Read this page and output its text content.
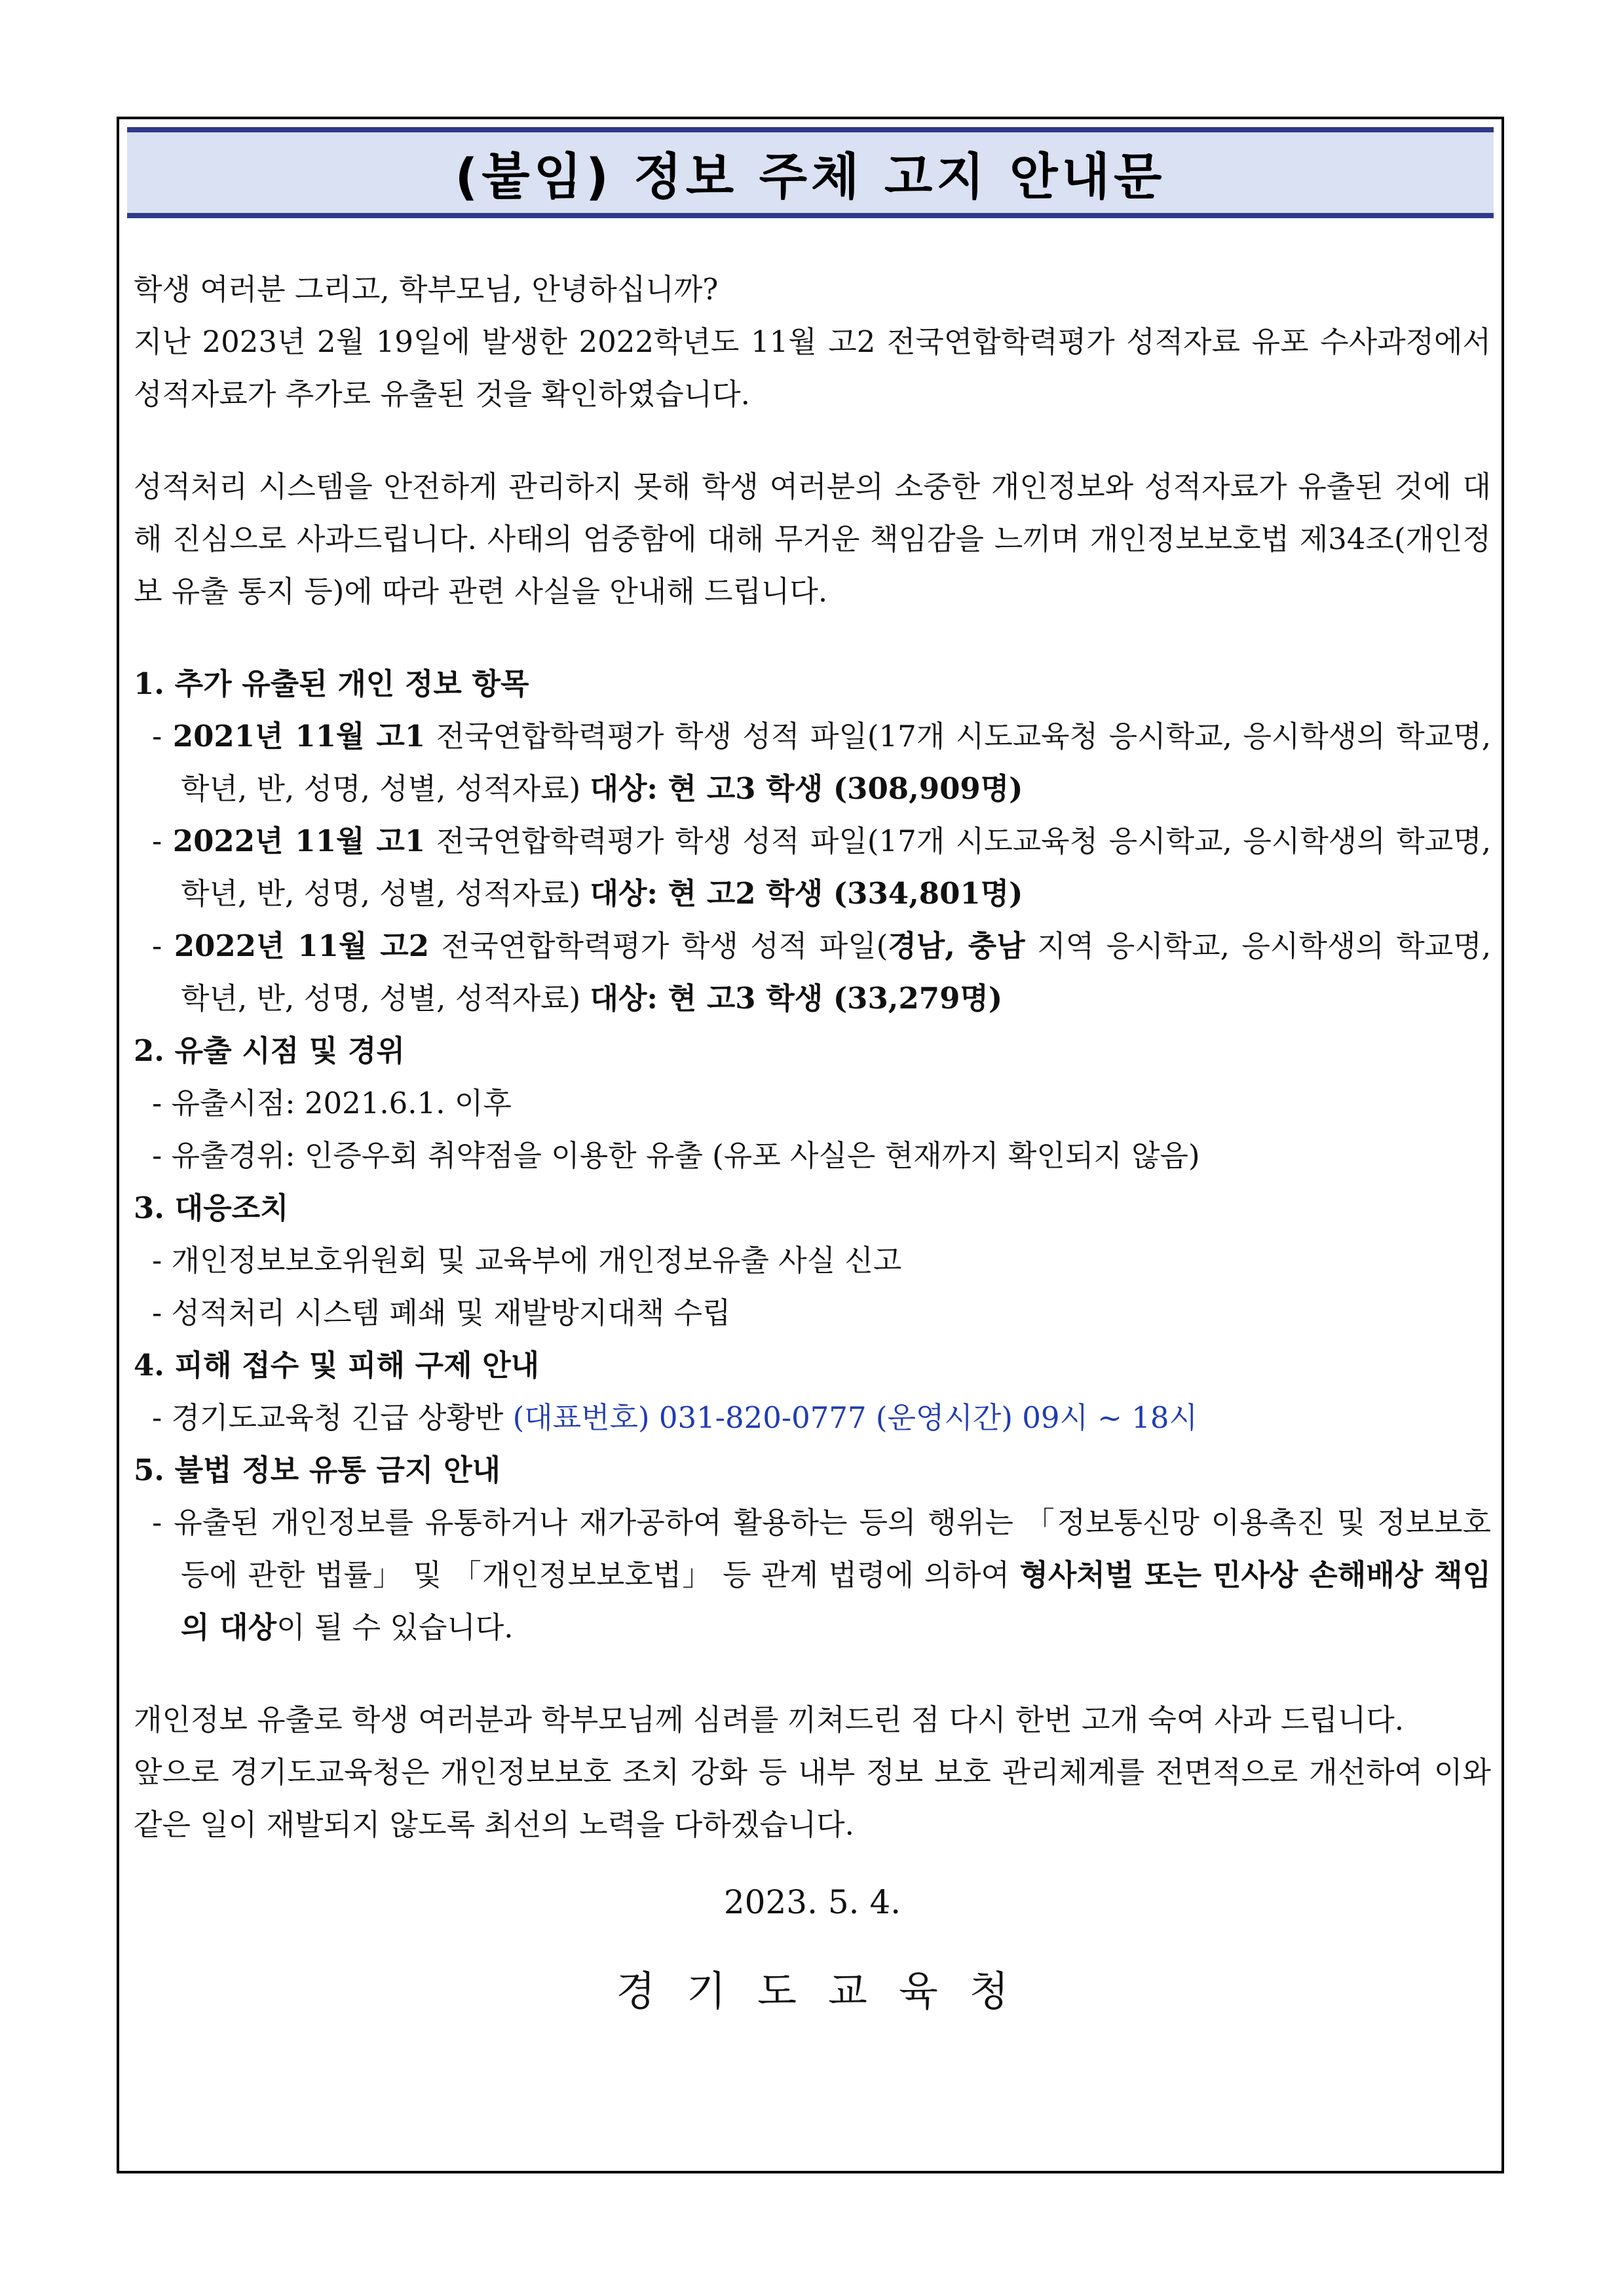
(붙임) 정보 주체 고지 안내문

학생 여러분 그리고, 학부모님, 안녕하십니까?

지난 2023년 2월 19일에 발생한 2022학년도 11월 고2 전국연합학력평가 성적자료 유포 수사과정에서 성적자료가 추가로 유출된 것을 확인하였습니다.

성적처리 시스템을 안전하게 관리하지 못해 학생 여러분의 소중한 개인정보와 성적자료가 유출된 것에 대해 진심으로 사과드립니다. 사태의 엄중함에 대해 무거운 책임감을 느끼며 개인정보보호법 제34조(개인정보 유출 통지 등)에 따라 관련 사실을 안내해 드립니다.

1. 추가 유출된 개인 정보 항목

- 2021년 11월 고1 전국연합학력평가 학생 성적 파일(17개 시도교육청 응시학교, 응시학생의 학교명, 학년, 반, 성명, 성별, 성적자료) 대상: 현 고3 학생 (308,909명)

- 2022년 11월 고1 전국연합학력평가 학생 성적 파일(17개 시도교육청 응시학교, 응시학생의 학교명, 학년, 반, 성명, 성별, 성적자료) 대상: 현 고2 학생 (334,801명)

- 2022년 11월 고2 전국연합학력평가 학생 성적 파일(경남, 충남 지역 응시학교, 응시학생의 학교명, 학년, 반, 성명, 성별, 성적자료) 대상: 현 고3 학생 (33,279명)

2. 유출 시점 및 경위

- 유출시점: 2021.6.1. 이후

- 유출경위: 인증우회 취약점을 이용한 유출 (유포 사실은 현재까지 확인되지 않음)

3. 대응조치

- 개인정보보호위원회 및 교육부에 개인정보유출 사실 신고

- 성적처리 시스템 폐쇄 및 재발방지대책 수립

4. 피해 접수 및 피해 구제 안내

- 경기도교육청 긴급 상황반 (대표번호) 031-820-0777 (운영시간) 09시 ~ 18시

5. 불법 정보 유통 금지 안내

- 유출된 개인정보를 유통하거나 재가공하여 활용하는 등의 행위는 「정보통신망 이용촉진 및 정보보호 등에 관한 법률」 및 「개인정보보호법」 등 관계 법령에 의하여 형사처벌 또는 민사상 손해배상 책임의 대상이 될 수 있습니다.

개인정보 유출로 학생 여러분과 학부모님께 심려를 끼쳐드린 점 다시 한번 고개 숙여 사과 드립니다.

앞으로 경기도교육청은 개인정보보호 조치 강화 등 내부 정보 보호 관리체계를 전면적으로 개선하여 이와 같은 일이 재발되지 않도록 최선의 노력을 다하겠습니다.

2023. 5. 4.

경기도교육청
